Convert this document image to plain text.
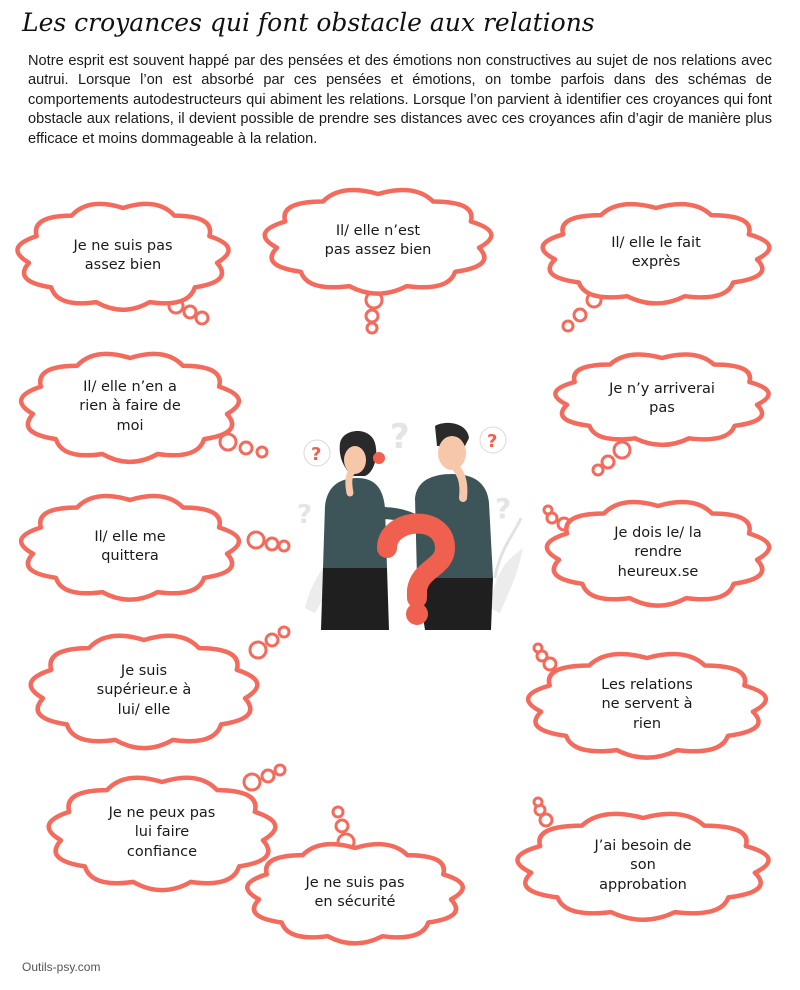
Les croyances qui font obstacle aux relations

Notre esprit est souvent happé par des pensées et des émotions non constructives au sujet de nos relations avec autrui. Lorsque l’on est absorbé par ces pensées et émotions, on tombe parfois dans des schémas de comportements autodestructeurs qui abiment les relations. Lorsque l’on parvient à identifier ces croyances qui font obstacle aux relations, il devient possible de prendre ses distances avec ces croyances afin d’agir de manière plus efficace et moins dommageable à la relation.

Je ne suis pas
assez bien
Il/ elle n’est
pas assez bien	Il/ elle le fait
exprès
Il/ elle n’en a
rien à faire de
moi
Je n’y arriverai
pas
Il/ elle me
quittera
Je dois le/ la
rendre
heureux.se
Je suis
supérieur.e à
lui/ elle
Les relations
ne servent à
rien
Je ne peux pas
lui faire
confiance
Je ne suis pas
en sécurité
J’ai besoin de
son
approbation
?
?
?
?
?
?
Outils-psy.com
